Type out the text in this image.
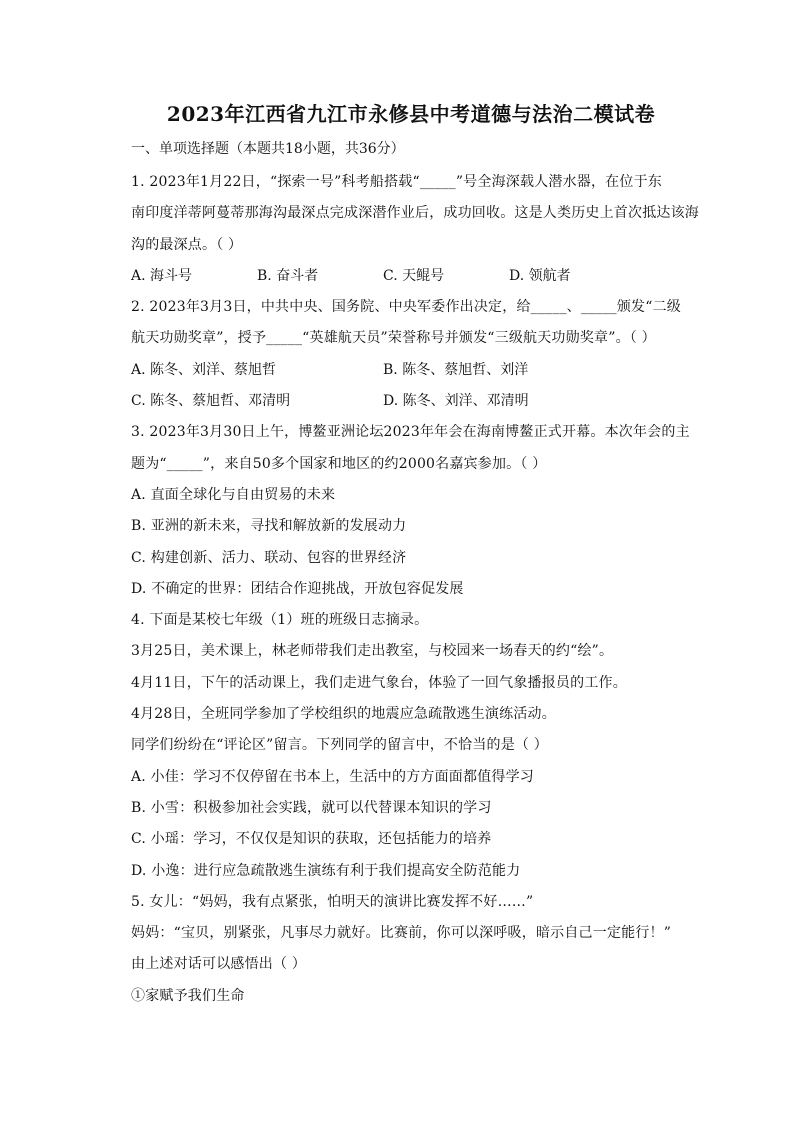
2023年江西省九江市永修县中考道德与法治二模试卷
一、单项选择题（本题共18小题，共36分）
1. 2023年1月22日，“探索一号”科考船搭载“_____”号全海深载人潜水器，在位于东
南印度洋蒂阿蔓蒂那海沟最深点完成深潜作业后，成功回收。这是人类历史上首次抵达该海
沟的最深点。（ ）
A. 海斗号	B. 奋斗者	C. 天鲲号	D. 领航者
2. 2023年3月3日，中共中央、国务院、中央军委作出决定，给_____、_____颁发“二级
航天功勋奖章”，授予_____“英雄航天员”荣誉称号并颁发“三级航天功勋奖章”。（ ）
A. 陈冬、刘洋、蔡旭哲	B. 陈冬、蔡旭哲、刘洋
C. 陈冬、蔡旭哲、邓清明	D. 陈冬、刘洋、邓清明
3. 2023年3月30日上午，博鳌亚洲论坛2023年年会在海南博鳌正式开幕。本次年会的主
题为“_____”，来自50多个国家和地区的约2000名嘉宾参加。（ ）
A. 直面全球化与自由贸易的未来
B. 亚洲的新未来，寻找和解放新的发展动力
C. 构建创新、活力、联动、包容的世界经济
D. 不确定的世界：团结合作迎挑战，开放包容促发展
4. 下面是某校七年级（1）班的班级日志摘录。
3月25日，美术课上，林老师带我们走出教室，与校园来一场春天的约“绘”。
4月11日，下午的活动课上，我们走进气象台，体验了一回气象播报员的工作。
4月28日，全班同学参加了学校组织的地震应急疏散逃生演练活动。
同学们纷纷在“评论区”留言。下列同学的留言中，不恰当的是（ ）
A. 小佳：学习不仅停留在书本上，生活中的方方面面都值得学习
B. 小雪：积极参加社会实践，就可以代替课本知识的学习
C. 小瑶：学习，不仅仅是知识的获取，还包括能力的培养
D. 小逸：进行应急疏散逃生演练有利于我们提高安全防范能力
5. 女儿：“妈妈，我有点紧张，怕明天的演讲比赛发挥不好……”
妈妈：“宝贝，别紧张，凡事尽力就好。比赛前，你可以深呼吸，暗示自己一定能行！”
由上述对话可以感悟出（ ）
①家赋予我们生命
